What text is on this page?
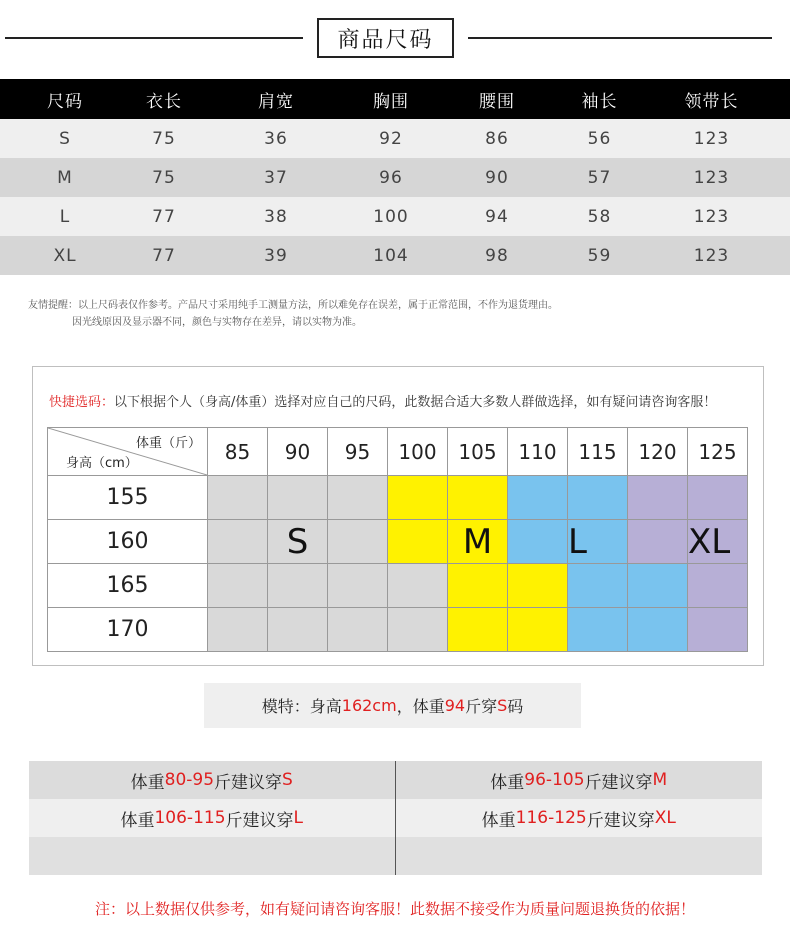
商品尺码
尺码	衣长	肩宽	胸围	腰围	袖长	领带长
S	75	36	92	86	56	123
M	75	37	96	90	57	123
L	77	38	100	94	58	123
XL	77	39	104	98	59	123
友情提醒：以上尺码表仅作参考。产品尺寸采用纯手工测量方法，所以难免存在误差，属于正常范围，不作为退货理由。
因光线原因及显示器不同，颜色与实物存在差异，请以实物为准。
快捷选码：以下根据个人（身高/体重）选择对应自己的尺码，此数据合适大多数人群做选择，如有疑问请咨询客服！
体重（斤）
身高（cm）	85	90	95	100	105	110	115	120	125
155									
160		S			M		L		XL
165									
170									
模特：身高 162cm ，体重 94 斤穿 S 码
体重 80-95 斤建议穿 S	体重 96-105 斤建议穿 M
体重 106-115 斤建议穿 L	体重 116-125 斤建议穿 XL
注：以上数据仅供参考，如有疑问请咨询客服！此数据不接受作为质量问题退换货的依据！
